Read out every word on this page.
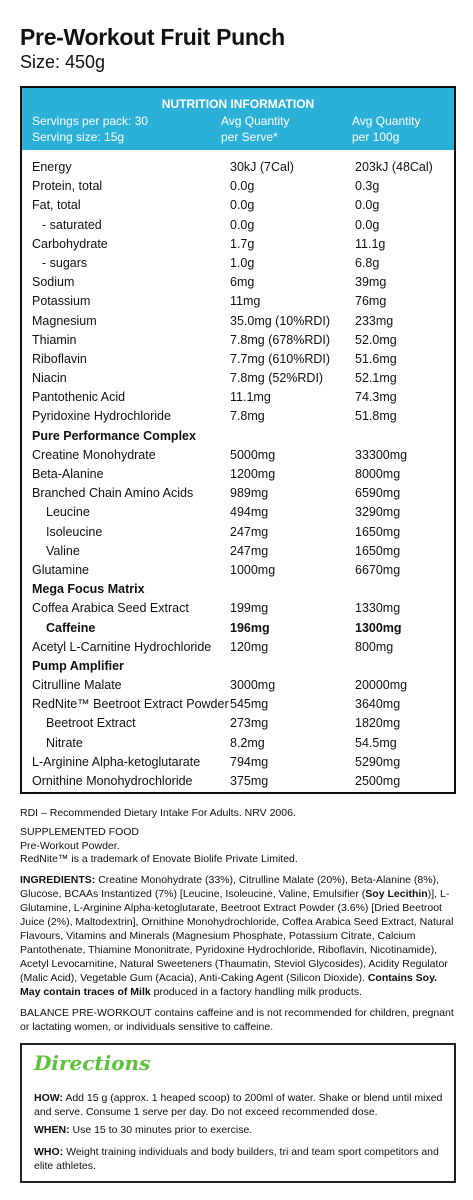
Pre-Workout Fruit Punch
Size: 450g
NUTRITION INFORMATION
Servings per pack: 30
Serving size: 15g
Avg Quantity
per Serve*
Avg Quantity
per 100g
Energy	30kJ (7Cal)	203kJ (48Cal)
Protein, total	0.0g	0.3g
Fat, total	0.0g	0.0g
- saturated	0.0g	0.0g
Carbohydrate	1.7g	11.1g
- sugars	1.0g	6.8g
Sodium	6mg	39mg
Potassium	11mg	76mg
Magnesium	35.0mg (10%RDI) 233mg
Thiamin	7.8mg (678%RDI) 52.0mg
Riboflavin	7.7mg (610%RDI) 51.6mg
Niacin	7.8mg (52%RDI)	52.1mg
Pantothenic Acid	11.1mg	74.3mg
Pyridoxine Hydrochloride	7.8mg	51.8mg
Pure Performance Complex
Creatine Monohydrate	5000mg	33300mg
Beta-Alanine	1200mg	8000mg
Branched Chain Amino Acids	989mg	6590mg
Leucine	494mg	3290mg
Isoleucine	247mg	1650mg
Valine	247mg	1650mg
Glutamine	1000mg	6670mg
Mega Focus Matrix
Coffea Arabica Seed Extract	199mg	1330mg
Caffeine	196mg	1300mg
Acetyl L-Carnitine Hydrochloride 120mg	800mg
Pump Amplifier
Citrulline Malate	3000mg	20000mg
RedNite™ Beetroot Extract Powder 545mg	3640mg
Beetroot Extract	273mg	1820mg
Nitrate	8.2mg	54.5mg
L-Arginine Alpha-ketoglutarate 794mg	5290mg
Ornithine Monohydrochloride	375mg	2500mg
RDI – Recommended Dietary Intake For Adults. NRV 2006.
SUPPLEMENTED FOOD
Pre-Workout Powder.
RedNite™ is a trademark of Enovate Biolife Private Limited.
INGREDIENTS: Creatine Monohydrate (33%), Citrulline Malate (20%), Beta-Alanine (8%), Glucose, BCAAs Instantized (7%) [Leucine, Isoleucine, Valine, Emulsifier (Soy Lecithin)], L-Glutamine, L-Arginine Alpha-ketoglutarate, Beetroot Extract Powder (3.6%) [Dried Beetroot Juice (2%), Maltodextrin], Ornithine Monohydrochloride, Coffea Arabica Seed Extract, Natural Flavours, Vitamins and Minerals (Magnesium Phosphate, Potassium Citrate, Calcium Pantothenate, Thiamine Mononitrate, Pyridoxine Hydrochloride, Riboflavin, Nicotinamide), Acetyl Levocarnitine, Natural Sweeteners (Thaumatin, Steviol Glycosides), Acidity Regulator (Malic Acid), Vegetable Gum (Acacia), Anti-Caking Agent (Silicon Dioxide). Contains Soy. May contain traces of Milk produced in a factory handling milk products.
BALANCE PRE-WORKOUT contains caffeine and is not recommended for children, pregnant or lactating women, or individuals sensitive to caffeine.
Directions
HOW: Add 15 g (approx. 1 heaped scoop) to 200ml of water. Shake or blend until mixed and serve. Consume 1 serve per day. Do not exceed recommended dose.
WHEN: Use 15 to 30 minutes prior to exercise.
WHO: Weight training individuals and body builders, tri and team sport competitors and elite athletes.
